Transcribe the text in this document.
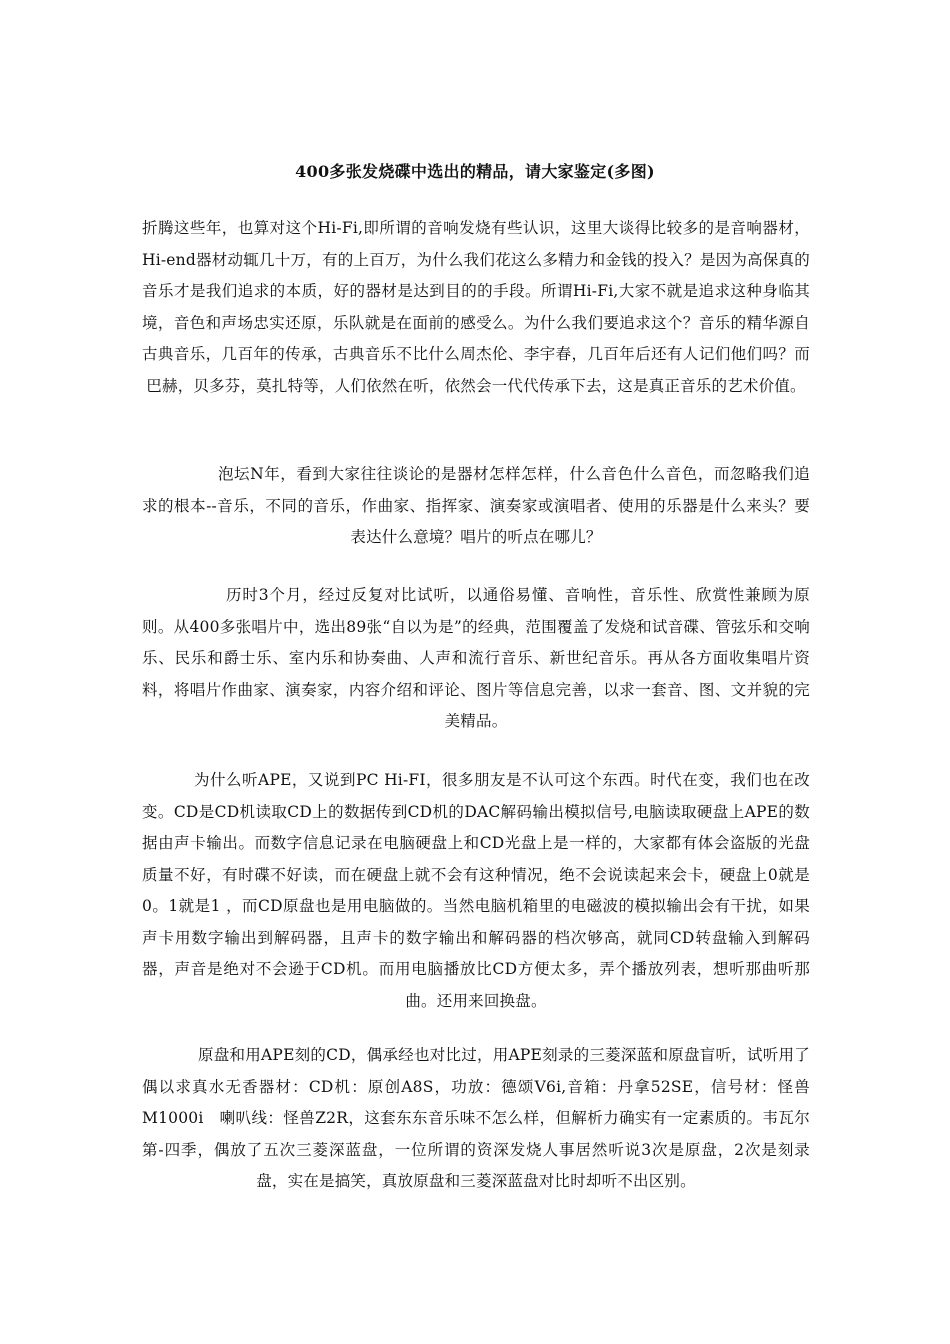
400多张发烧碟中选出的精品，请大家鉴定(多图)

折腾这些年，也算对这个Hi-Fi,即所谓的音响发烧有些认识，这里大谈得比较多的是音响器材，Hi-end器材动辄几十万，有的上百万，为什么我们花这么多精力和金钱的投入？是因为高保真的音乐才是我们追求的本质，好的器材是达到目的的手段。所谓Hi-Fi,大家不就是追求这种身临其境，音色和声场忠实还原，乐队就是在面前的感受么。为什么我们要追求这个？音乐的精华源自古典音乐，几百年的传承，古典音乐不比什么周杰伦、李宇春，几百年后还有人记们他们吗？而巴赫，贝多芬，莫扎特等，人们依然在听，依然会一代代传承下去，这是真正音乐的艺术价值。

泡坛N年，看到大家往往谈论的是器材怎样怎样，什么音色什么音色，而忽略我们追求的根本--音乐，不同的音乐，作曲家、指挥家、演奏家或演唱者、使用的乐器是什么来头？要表达什么意境？唱片的听点在哪儿？

历时3个月，经过反复对比试听，以通俗易懂、音响性，音乐性、欣赏性兼顾为原则。从400多张唱片中，选出89张“自以为是”的经典，范围覆盖了发烧和试音碟、管弦乐和交响乐、民乐和爵士乐、室内乐和协奏曲、人声和流行音乐、新世纪音乐。再从各方面收集唱片资料，将唱片作曲家、演奏家，内容介绍和评论、图片等信息完善，以求一套音、图、文并貌的完美精品。

为什么听APE，又说到PC Hi-FI，很多朋友是不认可这个东西。时代在变，我们也在改变。CD是CD机读取CD上的数据传到CD机的DAC解码输出模拟信号,电脑读取硬盘上APE的数据由声卡输出。而数字信息记录在电脑硬盘上和CD光盘上是一样的，大家都有体会盗版的光盘质量不好，有时碟不好读，而在硬盘上就不会有这种情况，绝不会说读起来会卡，硬盘上0就是0。1就是1 ，而CD原盘也是用电脑做的。当然电脑机箱里的电磁波的模拟输出会有干扰，如果声卡用数字输出到解码器，且声卡的数字输出和解码器的档次够高，就同CD转盘输入到解码器，声音是绝对不会逊于CD机。而用电脑播放比CD方便太多，弄个播放列表，想听那曲听那曲。还用来回换盘。

原盘和用APE刻的CD，偶承经也对比过，用APE刻录的三菱深蓝和原盘盲听，试听用了偶以求真水无香器材：CD机：原创A8S，功放：德颂V6i,音箱：丹拿52SE，信号材：怪兽M1000i　喇叭线：怪兽Z2R，这套东东音乐味不怎么样，但解析力确实有一定素质的。韦瓦尔第-四季，偶放了五次三菱深蓝盘，一位所谓的资深发烧人事居然听说3次是原盘，2次是刻录盘，实在是搞笑，真放原盘和三菱深蓝盘对比时却听不出区别。
